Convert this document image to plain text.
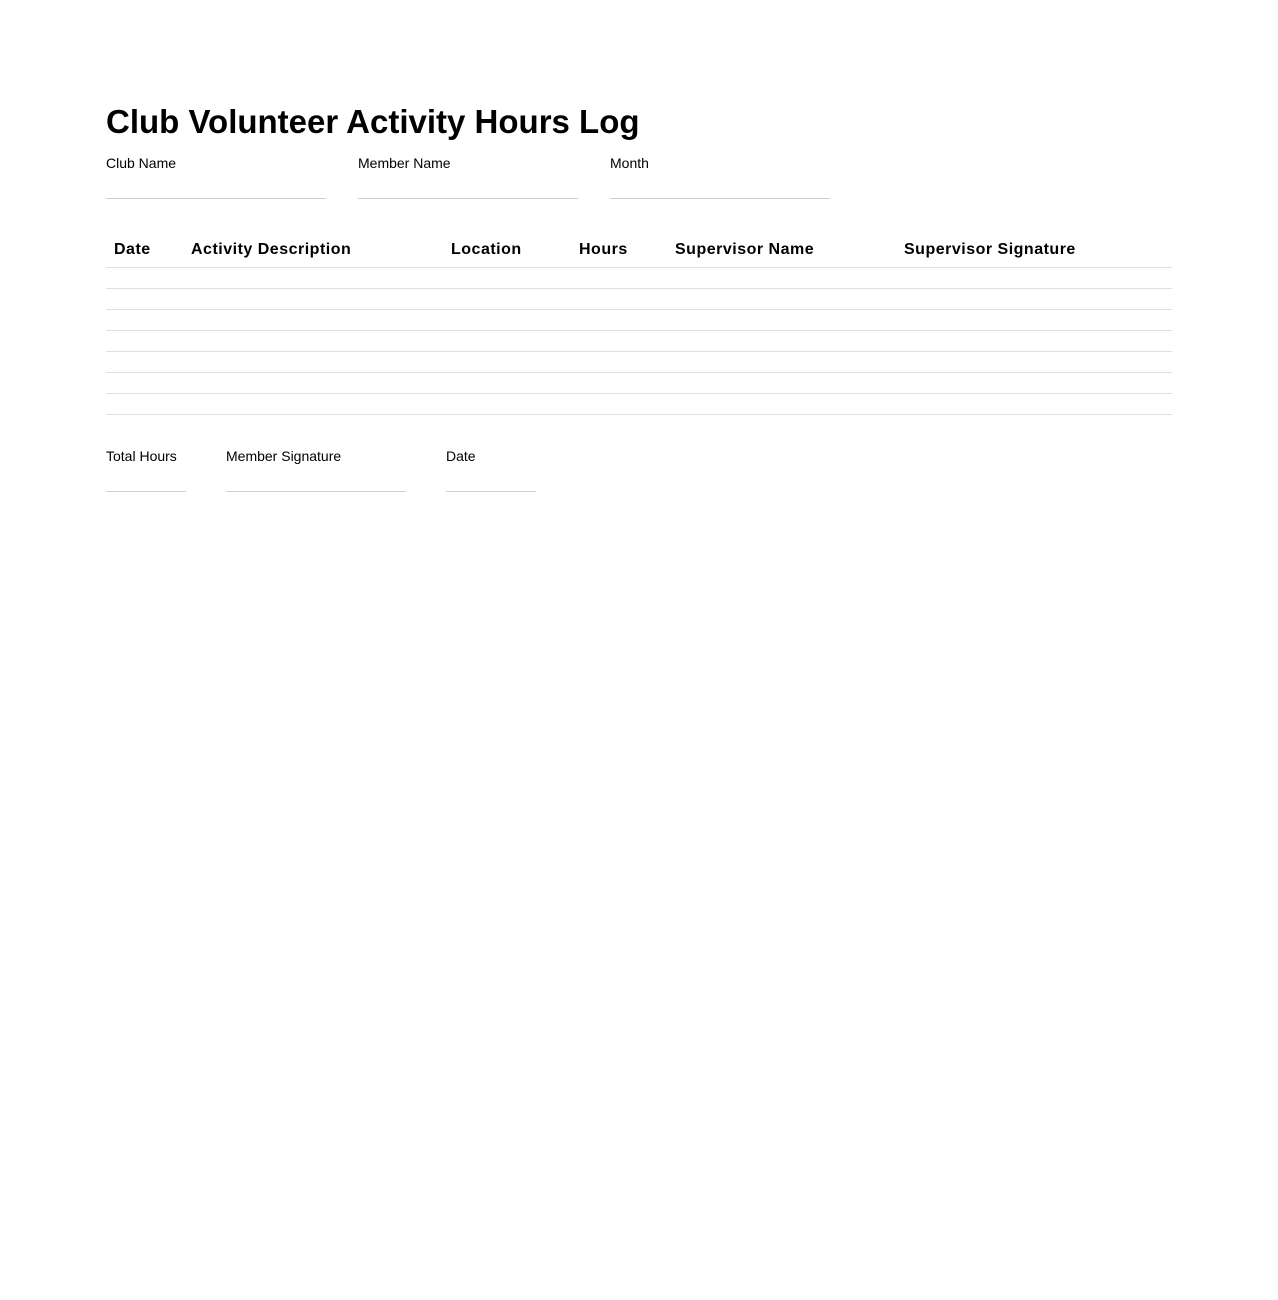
Club Volunteer Activity Hours Log
Club Name	Member Name	Month
Date	Activity Description	Location	Hours	Supervisor Name	Supervisor Signature
Total Hours	Member Signature	Date
